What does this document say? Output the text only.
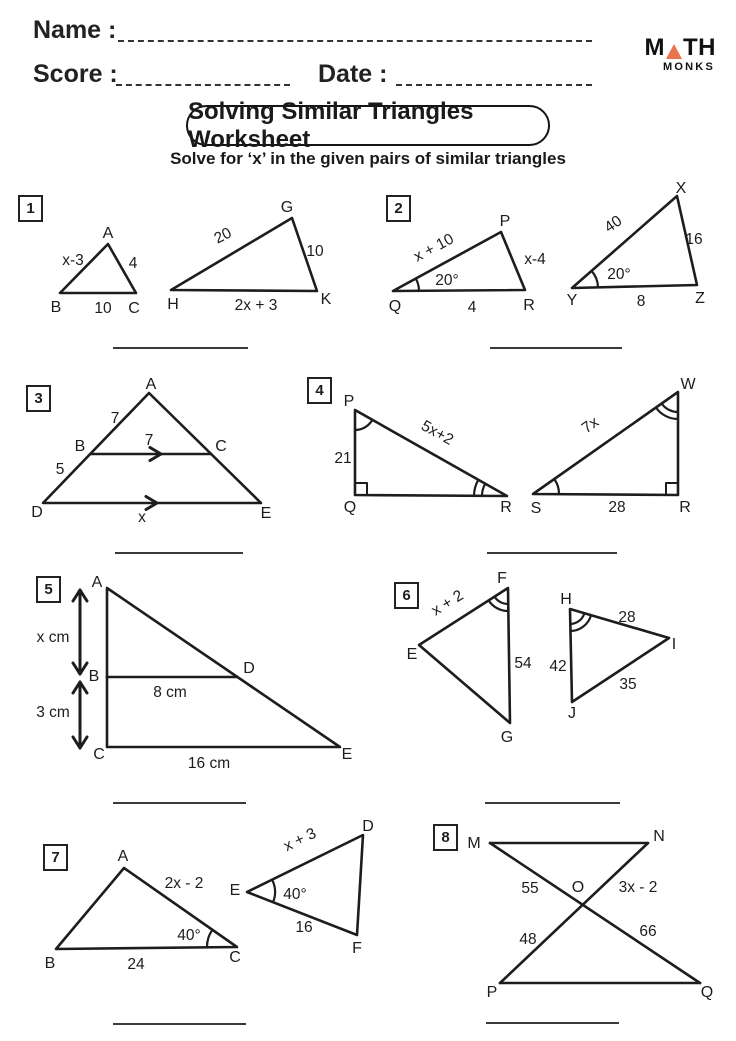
Name :
Score :	Date :
M TH
MONKS
Solving Similar Triangles Worksheet
Solve for ‘x’ in the given pairs of similar triangles
1	2
3	4
5	6
7
8
A
B	C
x-3	4
10
G
H	K
20
10
2x + 3
P
Q	R
x + 10
20°
4
x-4
X
Y	Z
40
16
20°
8
A
B	C
D	E
7
7
5
x
P
Q	R
21
5x+2
S
W
R
7x
28
A
B
C
D
E
x cm
3 cm
8 cm
16 cm
E
F
G
x + 2
54
H
I
J
28
42
35
A
B	C
2x - 2
40°
24
D
E
F
x + 3
40°
16
M	N
O
P	Q
55	3x - 2
48	66
